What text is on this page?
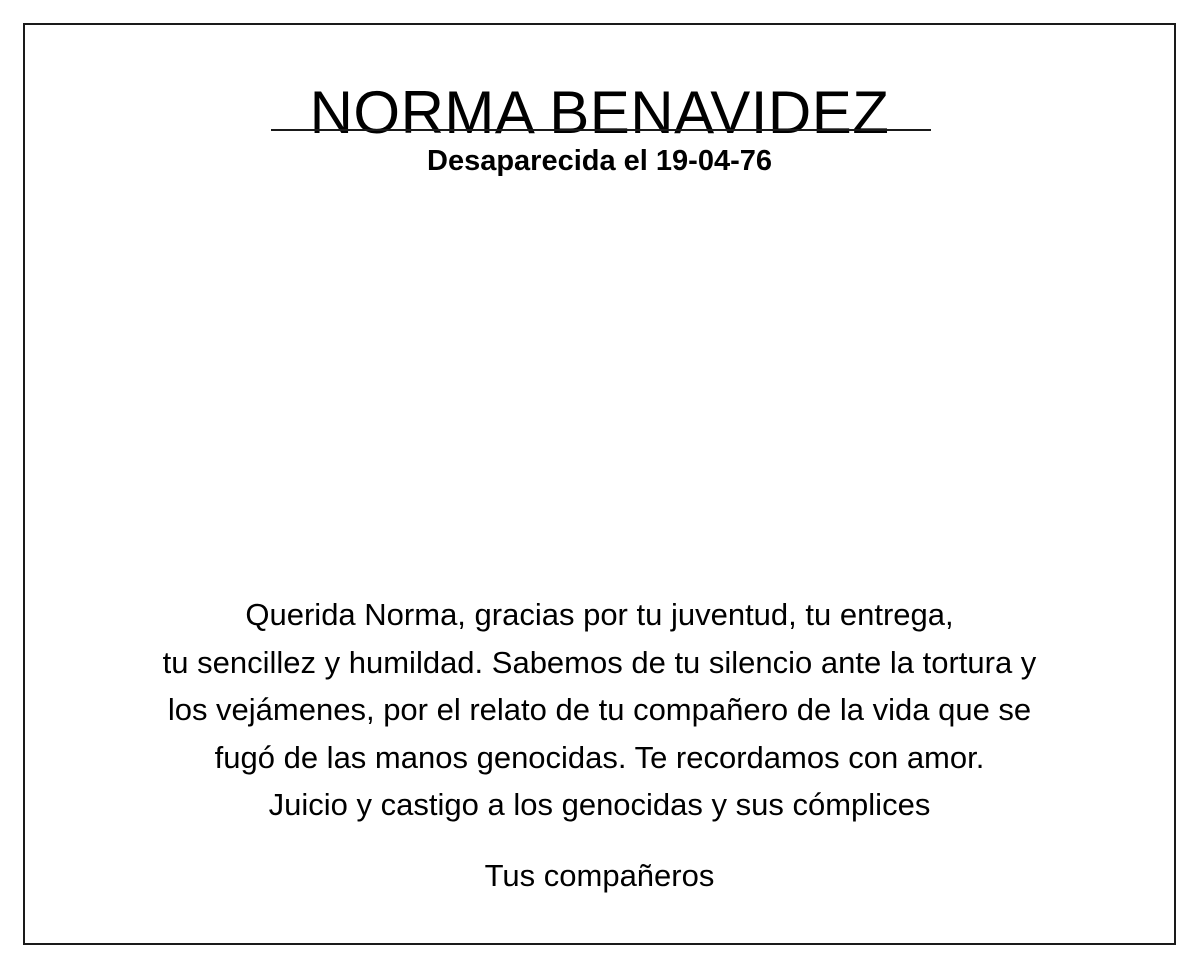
NORMA BENAVIDEZ
Desaparecida el 19-04-76
Querida Norma, gracias por tu juventud, tu entrega,
tu sencillez y humildad. Sabemos de tu silencio ante la tortura y
los vejámenes, por el relato de tu compañero de la vida que se
fugó de las manos genocidas. Te recordamos con amor.
Juicio y castigo a los genocidas y sus cómplices
Tus compañeros
